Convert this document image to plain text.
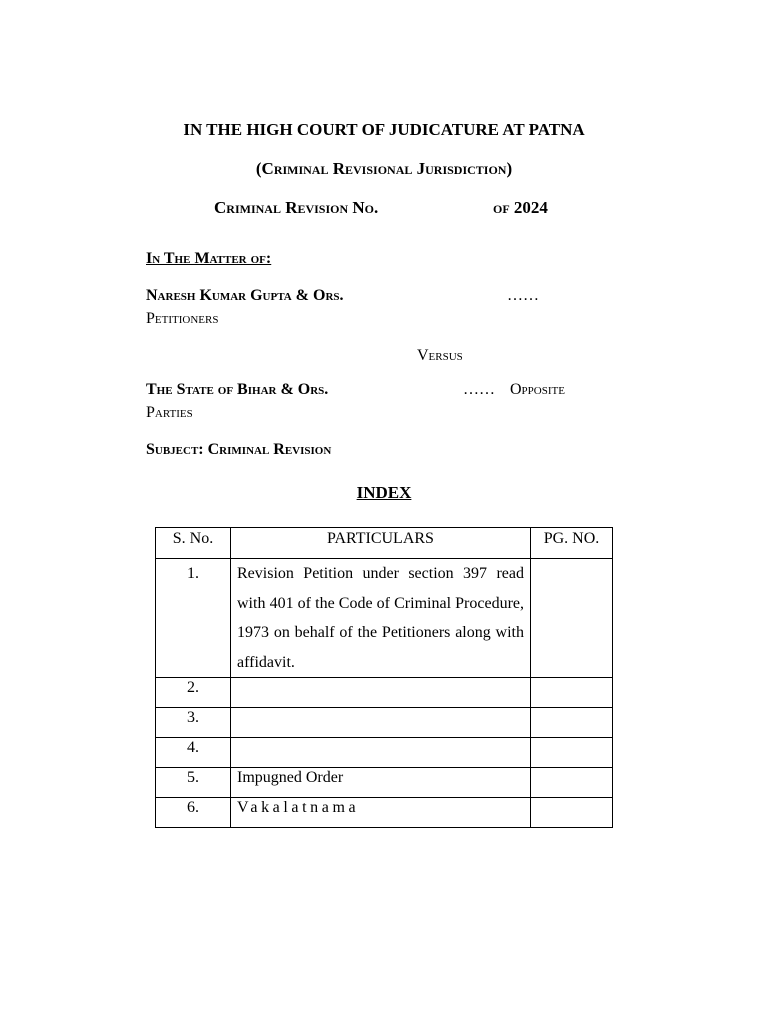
IN THE HIGH COURT OF JUDICATURE AT PATNA
(Criminal Revisional Jurisdiction)
Criminal Revision No.	of 2024
In The Matter of:
Naresh Kumar Gupta & Ors.	……
Petitioners
Versus
The State of Bihar & Ors.	…… Opposite
Parties
Subject: Criminal Revision
INDEX
S. No.	PARTICULARS	PG. NO.
1.	Revision Petition under section 397 read with 401 of the Code of Criminal Procedure, 1973 on behalf of the Petitioners along with affidavit.	
2.		
3.		
4.		
5.	Impugned Order	
6.	Vakalatnama	
